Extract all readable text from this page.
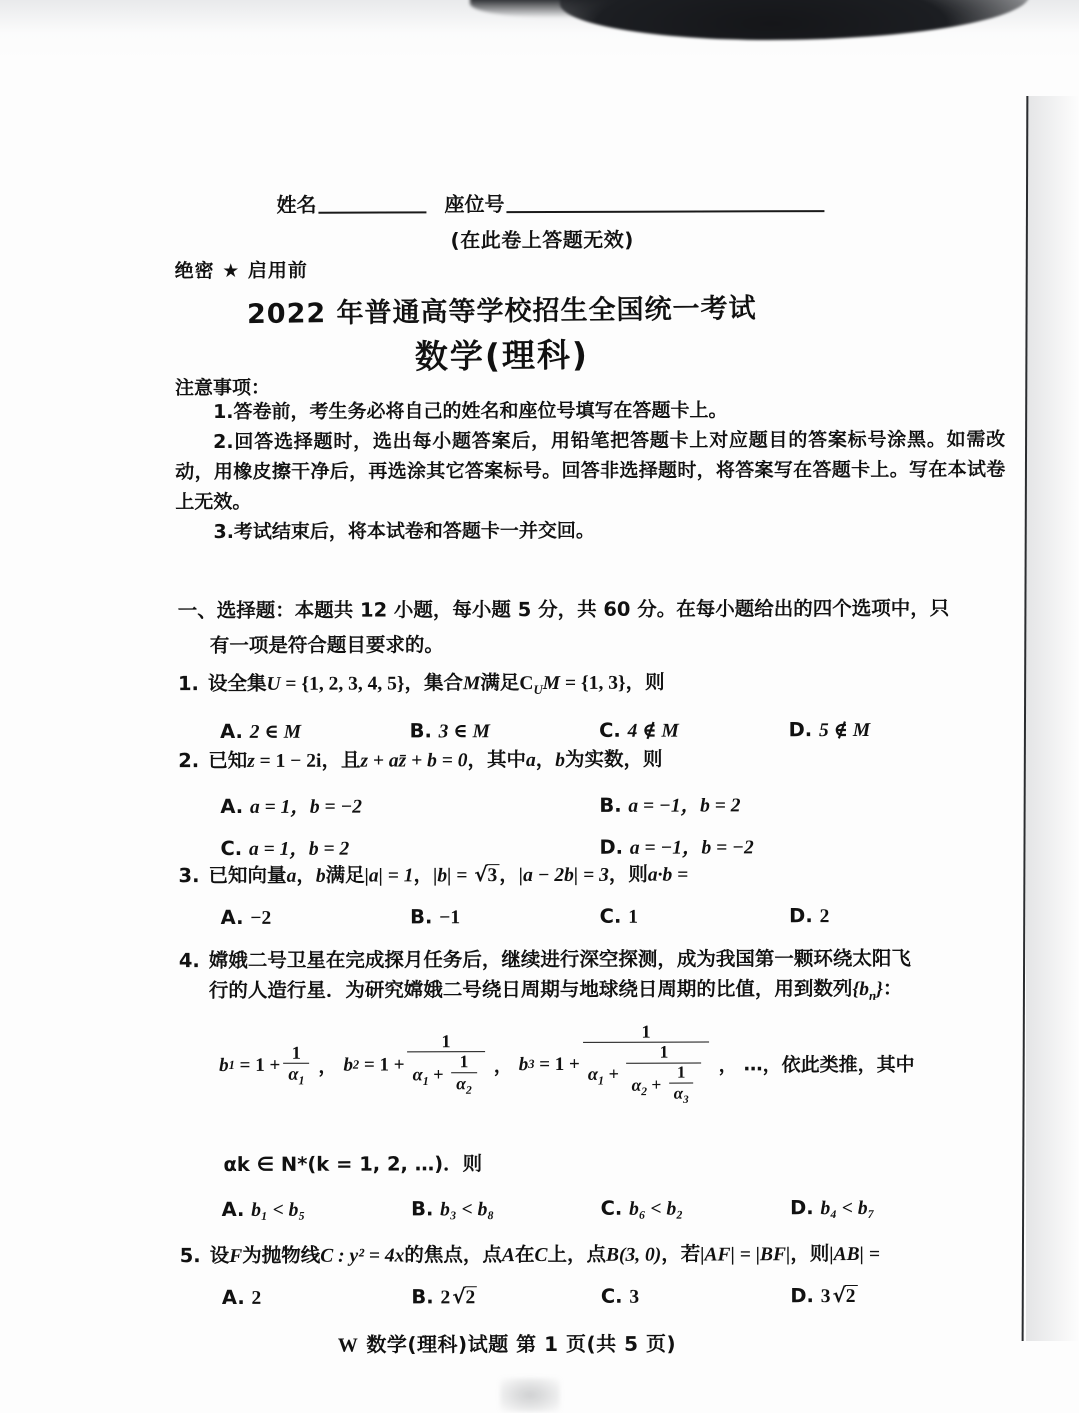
姓名	座位号
(在此卷上答题无效)
绝密 ★ 启用前
2022 年普通高等学校招生全国统一考试
数学(理科)
注意事项：

1.答卷前，考生务必将自己的姓名和座位号填写在答题卡上。

2.回答选择题时，选出每小题答案后，用铅笔把答题卡上对应题目的答案标号涂黑。如需改动，用橡皮擦干净后，再选涂其它答案标号。回答非选择题时，将答案写在答题卡上。写在本试卷上无效。

3.考试结束后，将本试卷和答题卡一并交回。

一、选择题：本题共 12 小题，每小题 5 分，共 60 分。在每小题给出的四个选项中，只
有一项是符合题目要求的。
1. 设全集U = {1, 2, 3, 4, 5}，集合M满足$C_UM = \{1$, 3}，则
A. 2 ∈ M	B. 3 ∈ M	C. 4 ∉ M	D. 5 ∉ M
2. 已知z = 1 − 2i，且z + az̄ + b = 0，其中a，b为实数，则
A. a = 1，b = −2	B. a = −1，b = 2
C. a = 1，b = 2	D. a = −1，b = −2
3. 已知向量a，b满足|a| = 1，|b| = √3，|a − 2b| = 3，则a·b =
A. −2	B. −1	C. 1	D. 2
4. 嫦娥二号卫星在完成探月任务后，继续进行深空探测，成为我国第一颗环绕太阳飞
行的人造行星．为研究嫦娥二号绕日周期与地球绕日周期的比值，用到数列$\{b_n\}$：
b $1 = 1 + \frac{1}{\alpha_1}$ ， b $2 = 1 + \frac{1}{\alpha_1 + \frac{1}{\alpha_2}}$ ， b $3 = 1 + \frac{1}{\alpha_1 + \frac{1}{\alpha_2 + \frac{1}{\alpha_3}}}$ ， … ，依此类推，其中
αk ∈ N*(k = 1, 2, …)．则
A. b₁ < b₅	B. b₃ < b₈	C. b₆ < b₂	D. b₄ < b₇
5. 设F为抛物线C : y² = 4x的焦点，点A在C上，点B(3, 0)，若|AF| = |BF|，则|AB| =
A. 2	B. 2√2	C. 3	D. 3√2
W 数学(理科)试题 第 1 页(共 5 页)
